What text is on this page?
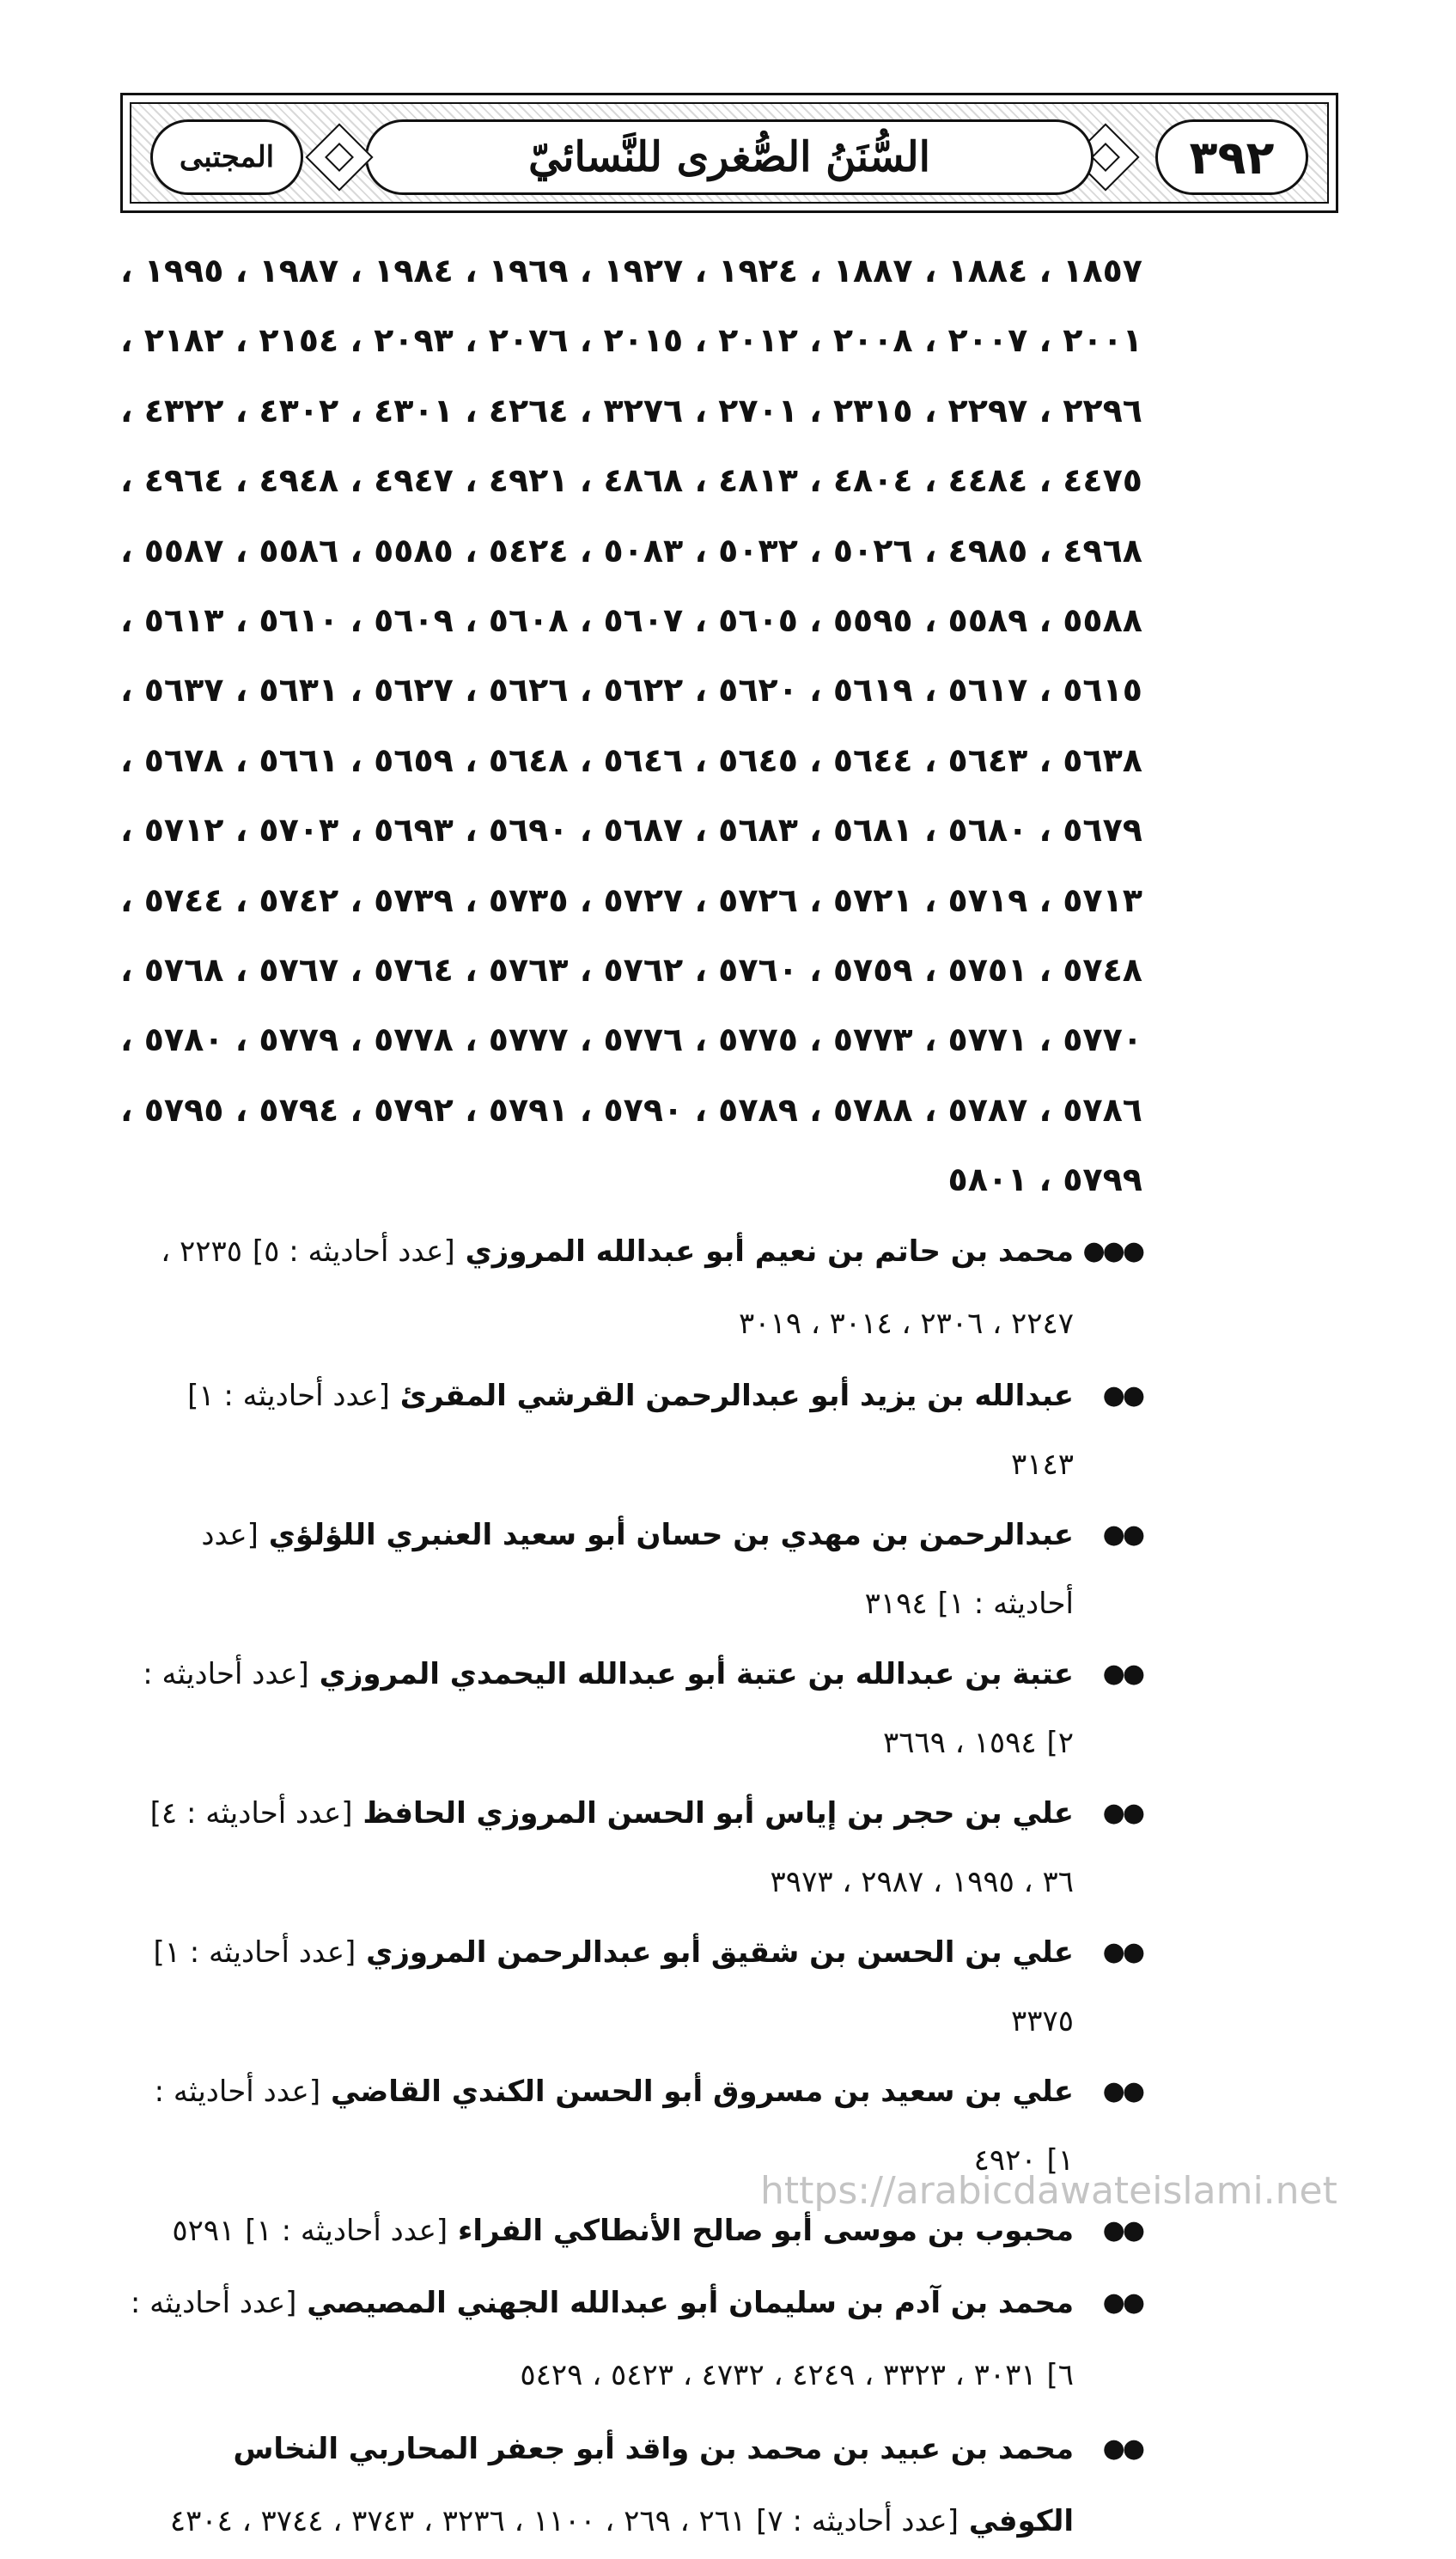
٣٩٢
السُّنَنُ الصُّغرى للنَّسائيّ
المجتبى

١٨٥٧ ، ١٨٨٤ ، ١٨٨٧ ، ١٩٢٤ ، ١٩٢٧ ، ١٩٦٩ ، ١٩٨٤ ، ١٩٨٧ ، ١٩٩٥ ،

٢٠٠١ ، ٢٠٠٧ ، ٢٠٠٨ ، ٢٠١٢ ، ٢٠١٥ ، ٢٠٧٦ ، ٢٠٩٣ ، ٢١٥٤ ، ٢١٨٢ ،

٢٢٩٦ ، ٢٢٩٧ ، ٢٣١٥ ، ٢٧٠١ ، ٣٢٧٦ ، ٤٢٦٤ ، ٤٣٠١ ، ٤٣٠٢ ، ٤٣٢٢ ،

٤٤٧٥ ، ٤٤٨٤ ، ٤٨٠٤ ، ٤٨١٣ ، ٤٨٦٨ ، ٤٩٢١ ، ٤٩٤٧ ، ٤٩٤٨ ، ٤٩٦٤ ،

٤٩٦٨ ، ٤٩٨٥ ، ٥٠٢٦ ، ٥٠٣٢ ، ٥٠٨٣ ، ٥٤٢٤ ، ٥٥٨٥ ، ٥٥٨٦ ، ٥٥٨٧ ،

٥٥٨٨ ، ٥٥٨٩ ، ٥٥٩٥ ، ٥٦٠٥ ، ٥٦٠٧ ، ٥٦٠٨ ، ٥٦٠٩ ، ٥٦١٠ ، ٥٦١٣ ،

٥٦١٥ ، ٥٦١٧ ، ٥٦١٩ ، ٥٦٢٠ ، ٥٦٢٢ ، ٥٦٢٦ ، ٥٦٢٧ ، ٥٦٣١ ، ٥٦٣٧ ،

٥٦٣٨ ، ٥٦٤٣ ، ٥٦٤٤ ، ٥٦٤٥ ، ٥٦٤٦ ، ٥٦٤٨ ، ٥٦٥٩ ، ٥٦٦١ ، ٥٦٧٨ ،

٥٦٧٩ ، ٥٦٨٠ ، ٥٦٨١ ، ٥٦٨٣ ، ٥٦٨٧ ، ٥٦٩٠ ، ٥٦٩٣ ، ٥٧٠٣ ، ٥٧١٢ ،

٥٧١٣ ، ٥٧١٩ ، ٥٧٢١ ، ٥٧٢٦ ، ٥٧٢٧ ، ٥٧٣٥ ، ٥٧٣٩ ، ٥٧٤٢ ، ٥٧٤٤ ،

٥٧٤٨ ، ٥٧٥١ ، ٥٧٥٩ ، ٥٧٦٠ ، ٥٧٦٢ ، ٥٧٦٣ ، ٥٧٦٤ ، ٥٧٦٧ ، ٥٧٦٨ ،

٥٧٧٠ ، ٥٧٧١ ، ٥٧٧٣ ، ٥٧٧٥ ، ٥٧٧٦ ، ٥٧٧٧ ، ٥٧٧٨ ، ٥٧٧٩ ، ٥٧٨٠ ،

٥٧٨٦ ، ٥٧٨٧ ، ٥٧٨٨ ، ٥٧٨٩ ، ٥٧٩٠ ، ٥٧٩١ ، ٥٧٩٢ ، ٥٧٩٤ ، ٥٧٩٥ ،

٥٧٩٩ ، ٥٨٠١

●●●
محمد بن حاتم بن نعيم أبو عبدالله المروزي [عدد أحاديثه : ٥] ٢٢٣٥ ، ٢٢٤٧ ، ٢٣٠٦ ، ٣٠١٤ ، ٣٠١٩

●●
عبدالله بن يزيد أبو عبدالرحمن القرشي المقرئ [عدد أحاديثه : ١] ٣١٤٣

●●
عبدالرحمن بن مهدي بن حسان أبو سعيد العنبري اللؤلؤي [عدد أحاديثه : ١] ٣١٩٤

●●
عتبة بن عبدالله بن عتبة أبو عبدالله اليحمدي المروزي [عدد أحاديثه : ٢] ١٥٩٤ ، ٣٦٦٩

●●
علي بن حجر بن إياس أبو الحسن المروزي الحافظ [عدد أحاديثه : ٤] ٣٦ ، ١٩٩٥ ، ٢٩٨٧ ، ٣٩٧٣

●●
علي بن الحسن بن شقيق أبو عبدالرحمن المروزي [عدد أحاديثه : ١] ٣٣٧٥

●●
علي بن سعيد بن مسروق أبو الحسن الكندي القاضي [عدد أحاديثه : ١] ٤٩٢٠

●●
محبوب بن موسى أبو صالح الأنطاكي الفراء [عدد أحاديثه : ١] ٥٢٩١

●●
محمد بن آدم بن سليمان أبو عبدالله الجهني المصيصي [عدد أحاديثه : ٦] ٣٠٣١ ، ٣٣٢٣ ، ٤٢٤٩ ، ٤٧٣٢ ، ٥٤٢٣ ، ٥٤٢٩

●●
محمد بن عبيد بن محمد بن واقد أبو جعفر المحاربي النخاس الكوفي [عدد أحاديثه : ٧] ٢٦١ ، ٢٦٩ ، ١١٠٠ ، ٣٢٣٦ ، ٣٧٤٣ ، ٣٧٤٤ ، ٤٣٠٤

https://arabicdawateislami.net
